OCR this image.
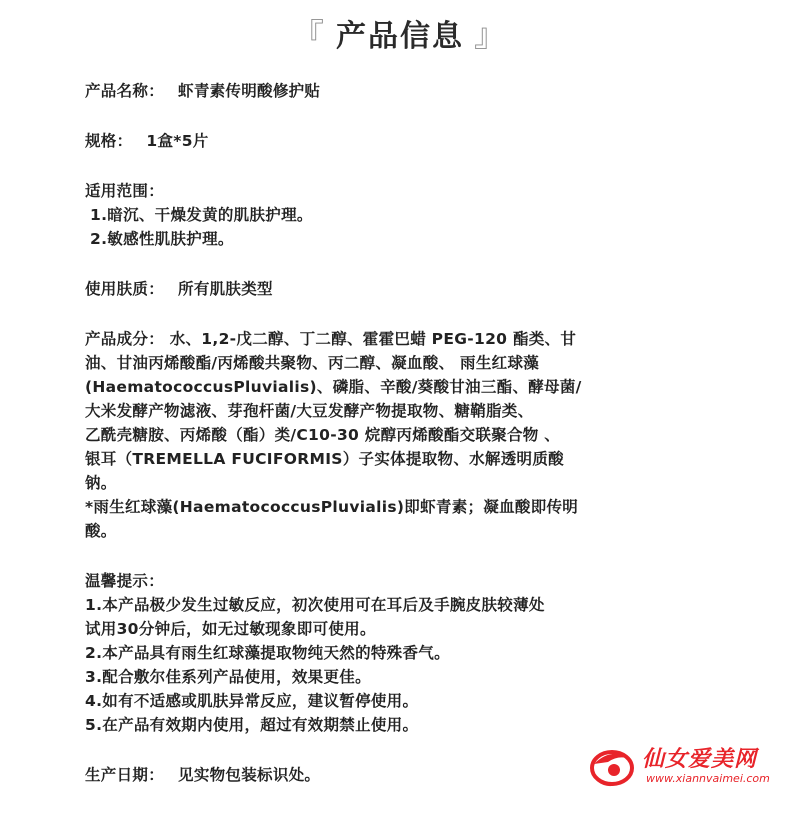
『 产品信息 』
产品名称： 虾青素传明酸修护贴
规格： 1盒*5片
适用范围：
1.暗沉、干燥发黄的肌肤护理。
2.敏感性肌肤护理。
使用肤质： 所有肌肤类型
产品成分： 水、1,2-戊二醇、丁二醇、霍霍巴蜡 PEG-120 酯类、甘
油、甘油丙烯酸酯/丙烯酸共聚物、丙二醇、凝血酸、 雨生红球藻
(HaematococcusPluvialis)、磷脂、辛酸/葵酸甘油三酯、酵母菌/
大米发酵产物滤液、芽孢杆菌/大豆发酵产物提取物、糖鞘脂类、
乙酰壳糖胺、丙烯酸（酯）类/C10-30 烷醇丙烯酸酯交联聚合物 、
银耳（TREMELLA FUCIFORMIS）子实体提取物、水解透明质酸
钠。
*雨生红球藻(HaematococcusPluvialis)即虾青素；凝血酸即传明
酸。
温馨提示：
1.本产品极少发生过敏反应，初次使用可在耳后及手腕皮肤较薄处
试用30分钟后，如无过敏现象即可使用。
2.本产品具有雨生红球藻提取物纯天然的特殊香气。
3.配合敷尔佳系列产品使用，效果更佳。
4.如有不适感或肌肤异常反应，建议暂停使用。
5.在产品有效期内使用，超过有效期禁止使用。
生产日期： 见实物包装标识处。
仙女爱美网
www.xiannvaimei.com
